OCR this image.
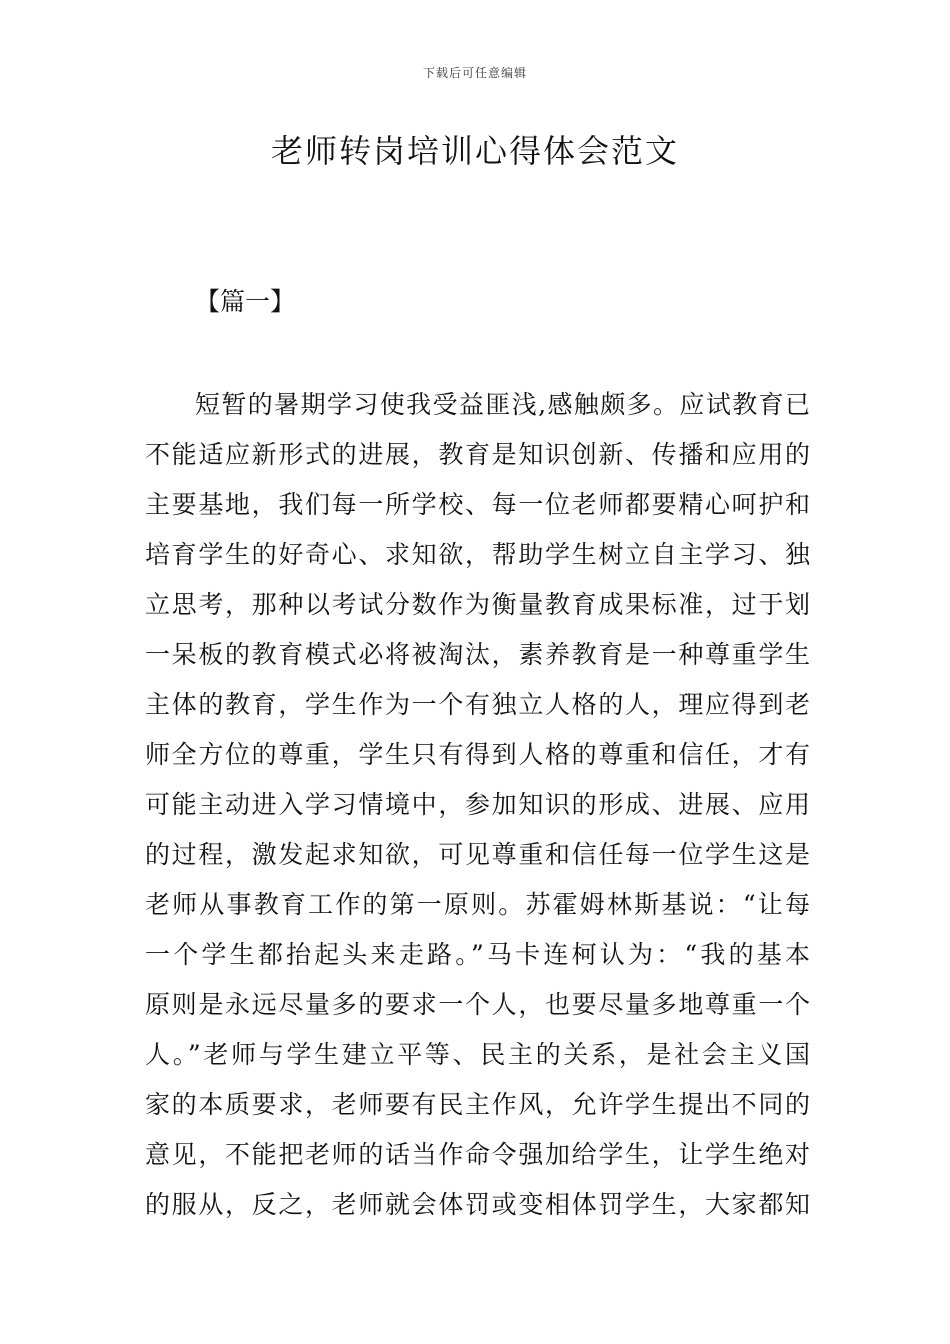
下载后可任意编辑
老师转岗培训心得体会范文

【篇一】

短暂的暑期学习使我受益匪浅,感触颇多。应试教育已
不能适应新形式的进展，教育是知识创新、传播和应用的
主要基地，我们每一所学校、每一位老师都要精心呵护和
培育学生的好奇心、求知欲，帮助学生树立自主学习、独
立思考，那种以考试分数作为衡量教育成果标准，过于划
一呆板的教育模式必将被淘汰，素养教育是一种尊重学生
主体的教育，学生作为一个有独立人格的人，理应得到老
师全方位的尊重，学生只有得到人格的尊重和信任，才有
可能主动进入学习情境中，参加知识的形成、进展、应用
的过程，激发起求知欲，可见尊重和信任每一位学生这是
老师从事教育工作的第一原则。苏霍姆林斯基说：“让每
一个学生都抬起头来走路。”马卡连柯认为：“我的基本
原则是永远尽量多的要求一个人，也要尽量多地尊重一个
人。”老师与学生建立平等、民主的关系，是社会主义国
家的本质要求，老师要有民主作风，允许学生提出不同的
意见，不能把老师的话当作命令强加给学生，让学生绝对
的服从，反之，老师就会体罚或变相体罚学生，大家都知
